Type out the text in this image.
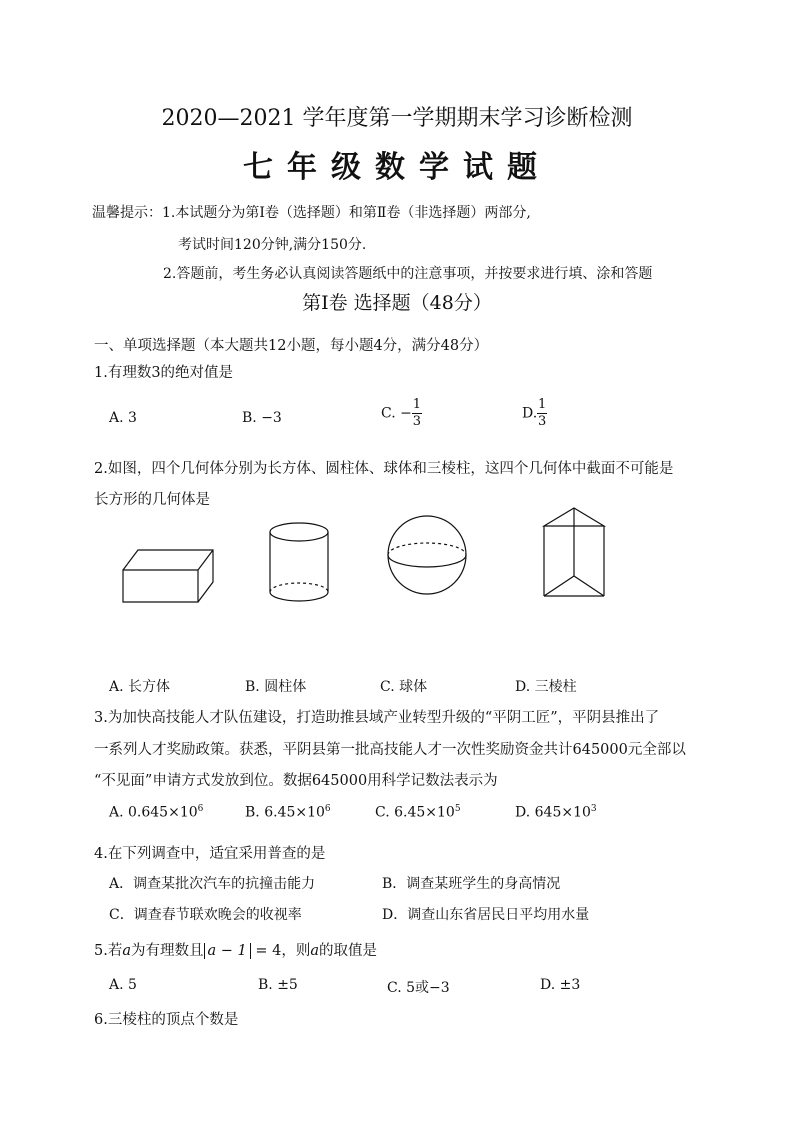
2020—2021 学年度第一学期期末学习诊断检测
七年级数学试题
温馨提示：1.本试题分为第Ⅰ卷（选择题）和第Ⅱ卷（非选择题）两部分,
考试时间120分钟,满分150分.
2.答题前，考生务必认真阅读答题纸中的注意事项，并按要求进行填、涂和答题
第Ⅰ卷 选择题（48分）
一、单项选择题（本大题共12小题，每小题4分，满分48分）
1.有理数3的绝对值是
A. 3	B. −3	C. − $\frac{1}{3}$	D. $\frac{1}{3}$
2.如图，四个几何体分别为长方体、圆柱体、球体和三棱柱，这四个几何体中截面不可能是
长方形的几何体是
A. 长方体	B. 圆柱体	C. 球体	D. 三棱柱
3.为加快高技能人才队伍建设，打造助推县域产业转型升级的“平阴工匠”，平阴县推出了
一系列人才奖励政策。获悉，平阴县第一批高技能人才一次性奖励资金共计645000元全部以
“不见面”申请方式发放到位。数据645000用科学记数法表示为
A. $0.645\times 10^6$	B. $6.45\times 10^6$	C. $6.45\times 10^5$	D. $645\times 10^3$
4.在下列调查中，适宜采用普查的是
A．调查某批次汽车的抗撞击能力	B．调查某班学生的身高情况
C．调查春节联欢晚会的收视率	D．调查山东省居民日平均用水量
5.若a为有理数且 a − 1 = 4，则a的取值是
A. 5	B. ±5	C. 5或−3	D. ±3
6.三棱柱的顶点个数是
